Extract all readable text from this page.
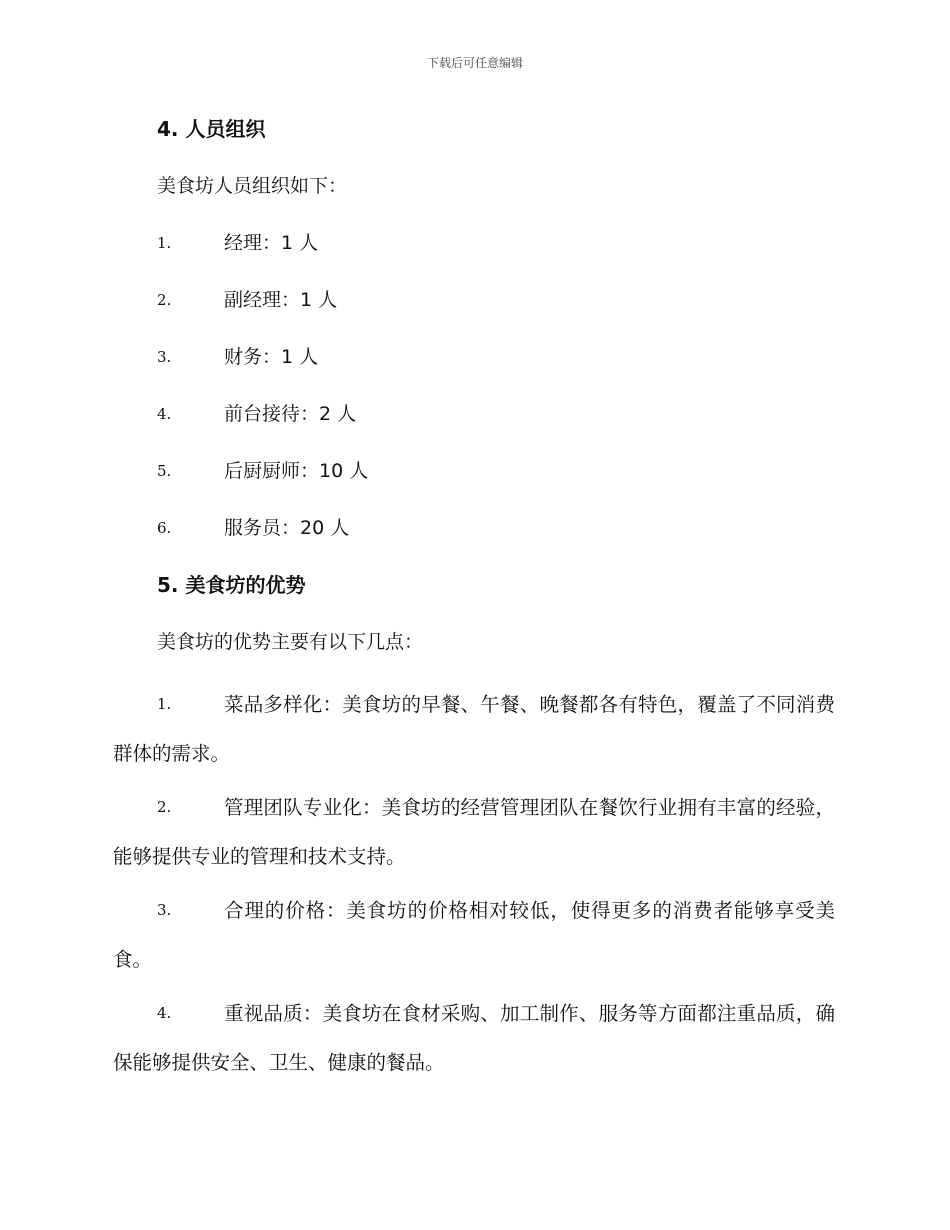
下载后可任意编辑
4. 人员组织
美食坊人员组织如下：
1.	经理：1 人
2.	副经理：1 人
3.	财务：1 人
4.	前台接待：2 人
5.	后厨厨师：10 人
6.	服务员：20 人
5. 美食坊的优势
美食坊的优势主要有以下几点：
1.	菜品多样化：美食坊的早餐、午餐、晚餐都各有特色，覆盖了不同消费群体的需求。
2.	管理团队专业化：美食坊的经营管理团队在餐饮行业拥有丰富的经验，能够提供专业的管理和技术支持。
3.	合理的价格：美食坊的价格相对较低，使得更多的消费者能够享受美食。
4.	重视品质：美食坊在食材采购、加工制作、服务等方面都注重品质，确保能够提供安全、卫生、健康的餐品。
